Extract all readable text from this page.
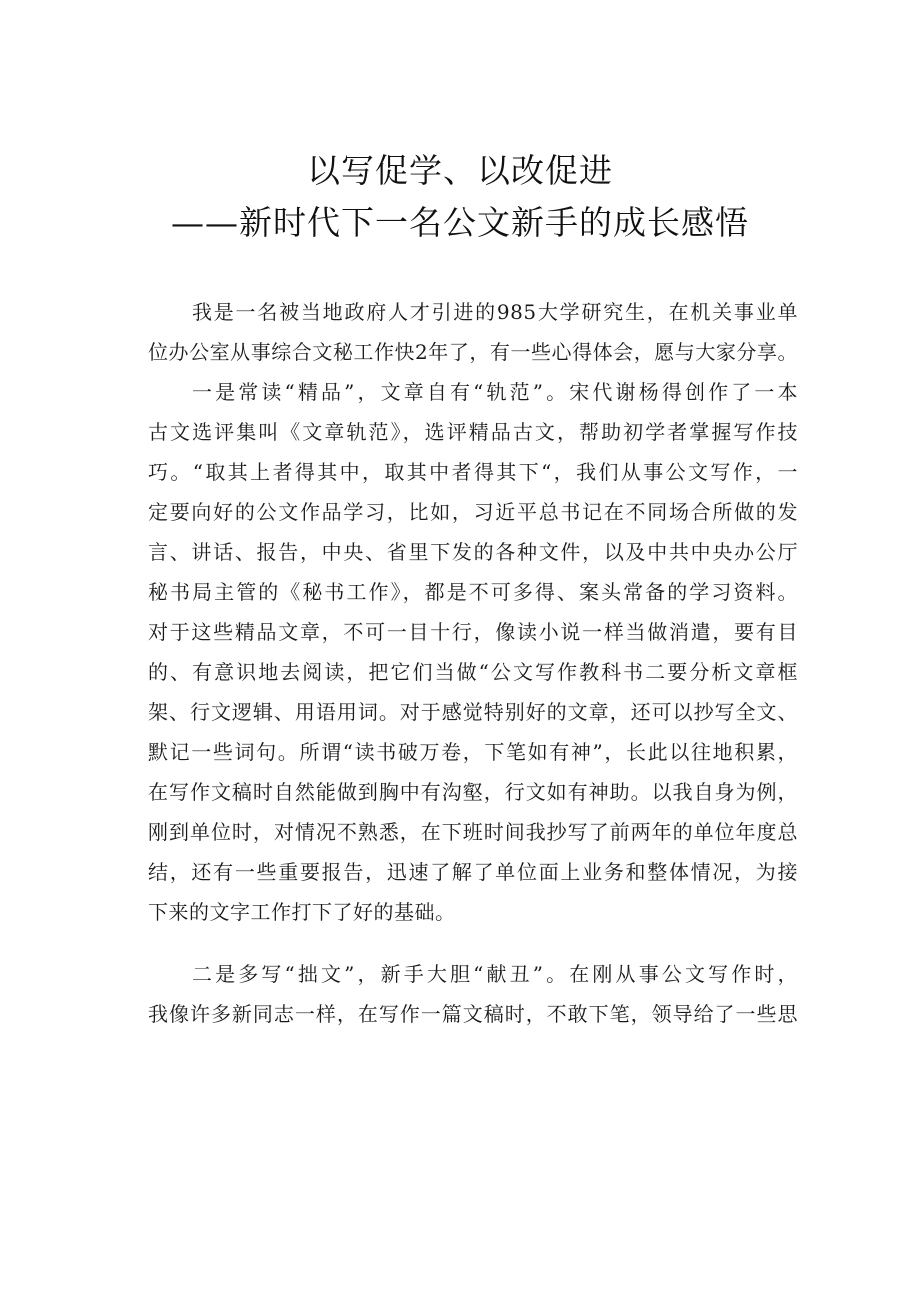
以写促学、以改促进
——新时代下一名公文新手的成长感悟
我是一名被当地政府人才引进的985大学研究生，在机关事业单
位办公室从事综合文秘工作快2年了，有一些心得体会，愿与大家分享。
一是常读“精品”，文章自有“轨范”。宋代谢杨得创作了一本
古文选评集叫《文章轨范》，选评精品古文，帮助初学者掌握写作技
巧。“取其上者得其中，取其中者得其下“，我们从事公文写作，一
定要向好的公文作品学习，比如，习近平总书记在不同场合所做的发
言、讲话、报告，中央、省里下发的各种文件，以及中共中央办公厅
秘书局主管的《秘书工作》，都是不可多得、案头常备的学习资料。
对于这些精品文章，不可一目十行，像读小说一样当做消遣，要有目
的、有意识地去阅读，把它们当做“公文写作教科书二要分析文章框
架、行文逻辑、用语用词。对于感觉特别好的文章，还可以抄写全文、
默记一些词句。所谓“读书破万卷，下笔如有神”，长此以往地积累，
在写作文稿时自然能做到胸中有沟壑，行文如有神助。以我自身为例，
刚到单位时，对情况不熟悉，在下班时间我抄写了前两年的单位年度总
结，还有一些重要报告，迅速了解了单位面上业务和整体情况，为接
下来的文字工作打下了好的基础。
二是多写“拙文”，新手大胆“献丑”。在刚从事公文写作时，
我像许多新同志一样，在写作一篇文稿时，不敢下笔，领导给了一些思
